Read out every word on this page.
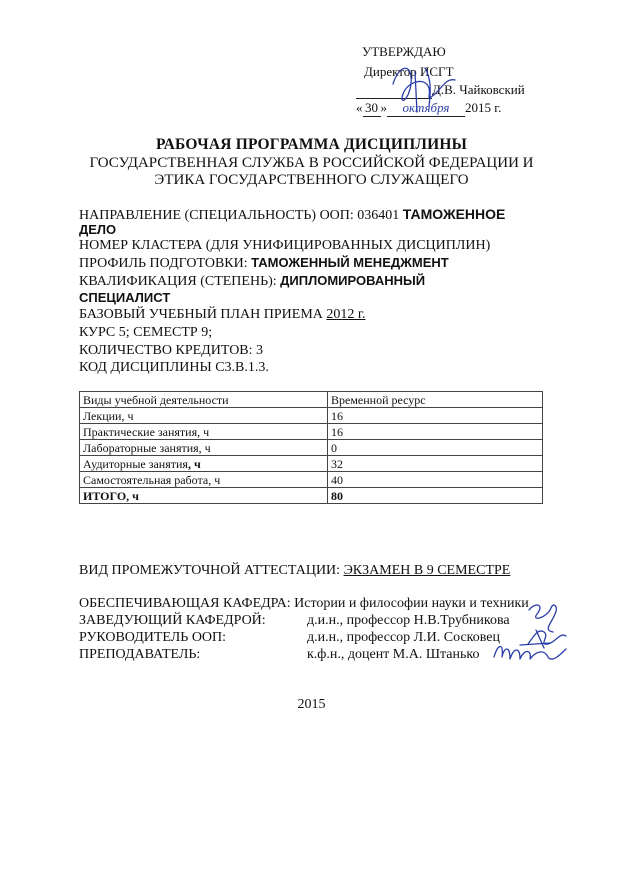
УТВЕРЖДАЮ
Директор ИСГТ
Д.В. Чайковский
« 30 » октября 2015 г.
РАБОЧАЯ ПРОГРАММА ДИСЦИПЛИНЫ
ГОСУДАРСТВЕННАЯ СЛУЖБА В РОССИЙСКОЙ ФЕДЕРАЦИИ И
ЭТИКА ГОСУДАРСТВЕННОГО СЛУЖАЩЕГО
НАПРАВЛЕНИЕ (СПЕЦИАЛЬНОСТЬ) ООП: 036401 ТАМОЖЕННОЕ
ДЕЛО
НОМЕР КЛАСТЕРА (ДЛЯ УНИФИЦИРОВАННЫХ ДИСЦИПЛИН)
ПРОФИЛЬ ПОДГОТОВКИ: ТАМОЖЕННЫЙ МЕНЕДЖМЕНТ
КВАЛИФИКАЦИЯ (СТЕПЕНЬ): ДИПЛОМИРОВАННЫЙ
СПЕЦИАЛИСТ
БАЗОВЫЙ УЧЕБНЫЙ ПЛАН ПРИЕМА 2012 г.
КУРС 5; СЕМЕСТР 9;
КОЛИЧЕСТВО КРЕДИТОВ: 3
КОД ДИСЦИПЛИНЫ С3.В.1.3.
Виды учебной деятельности	Временной ресурс
Лекции, ч	16
Практические занятия, ч	16
Лабораторные занятия, ч	0
Аудиторные занятия, ч	32
Самостоятельная работа, ч	40
ИТОГО, ч	80
ВИД ПРОМЕЖУТОЧНОЙ АТТЕСТАЦИИ: ЭКЗАМЕН В 9 СЕМЕСТРЕ
ОБЕСПЕЧИВАЮЩАЯ КАФЕДРА: Истории и философии науки и техники
ЗАВЕДУЮЩИЙ КАФЕДРОЙ:	д.и.н., профессор Н.В.Трубникова
РУКОВОДИТЕЛЬ ООП:	д.и.н., профессор Л.И. Сосковец
ПРЕПОДАВАТЕЛЬ:	к.ф.н., доцент М.А. Штанько
2015
